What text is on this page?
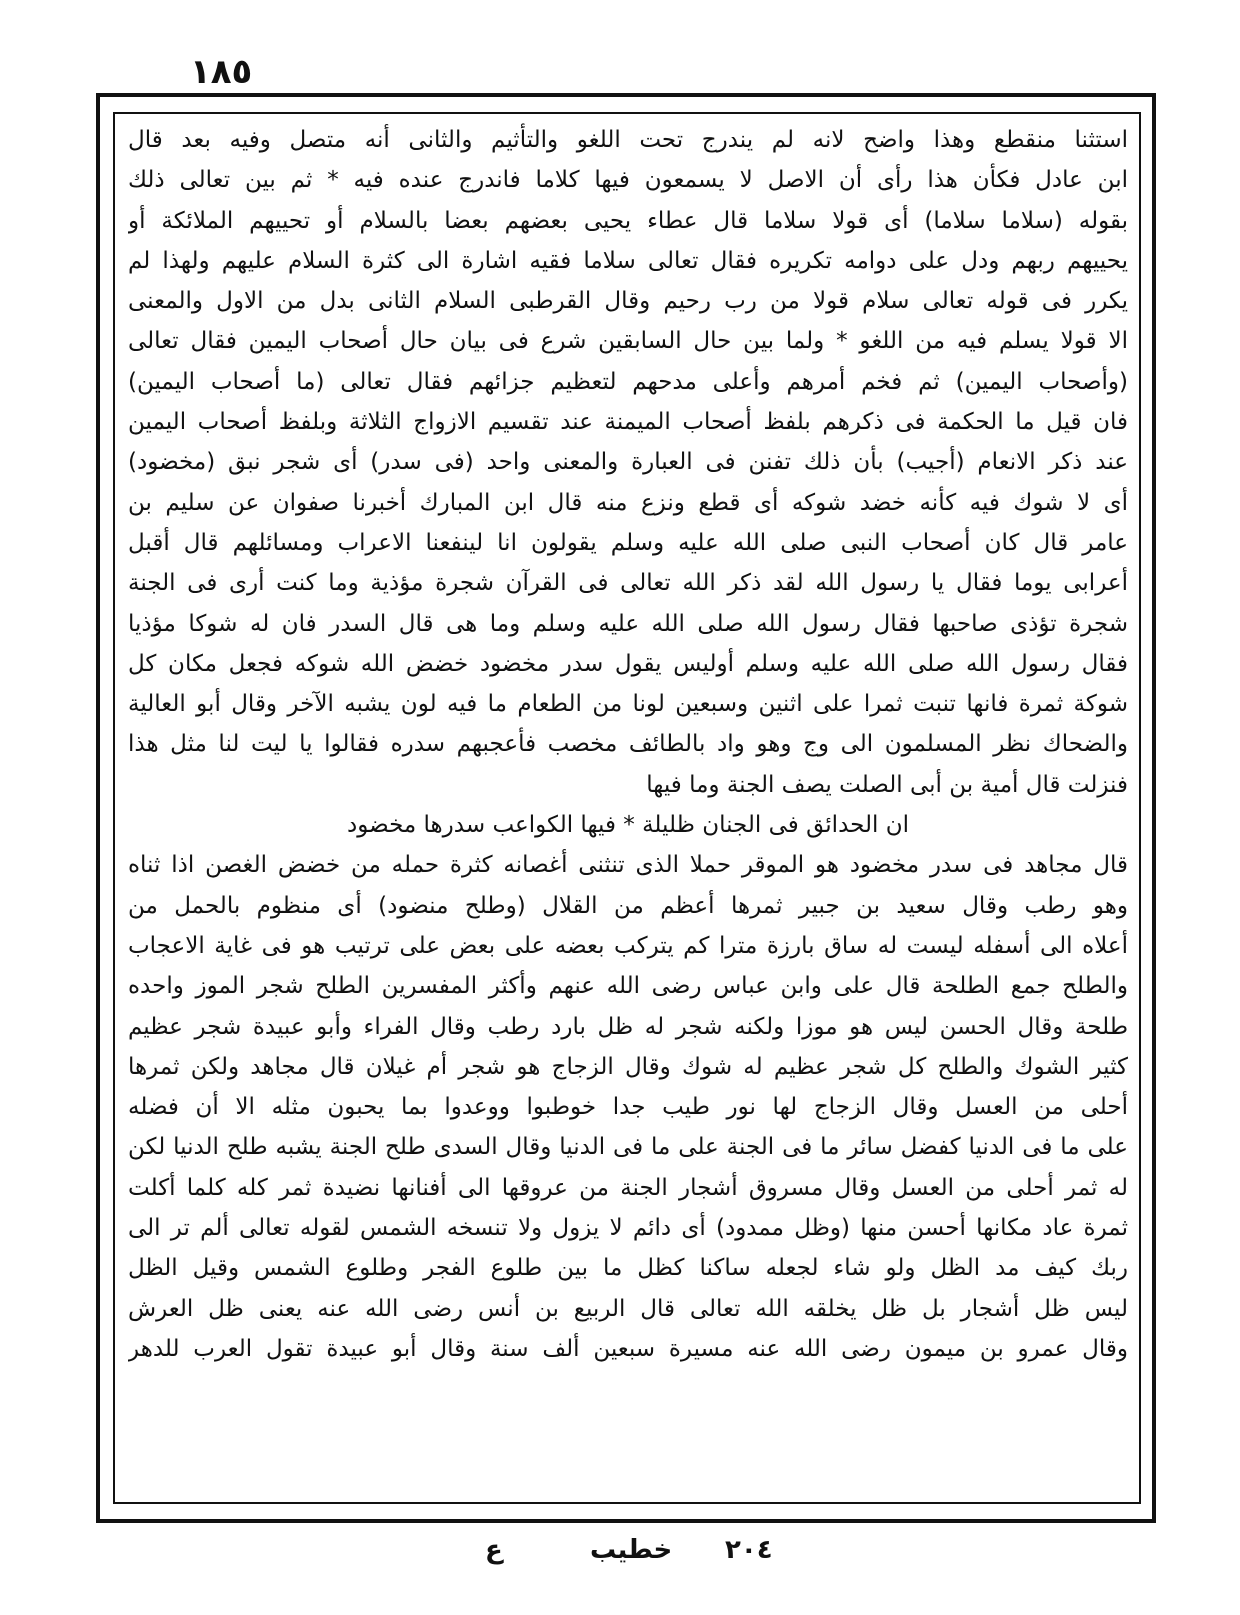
١٨٥
استثنا منقطع وهذا واضح لانه لم يندرج تحت اللغو والتأثيم والثانى أنه متصل وفيه بعد قال
ابن عادل فكأن هذا رأى أن الاصل لا يسمعون فيها كلاما فاندرج عنده فيه * ثم بين تعالى ذلك
بقوله (سلاما سلاما) أى قولا سلاما قال عطاء يحيى بعضهم بعضا بالسلام أو تحييهم الملائكة أو
يحييهم ربهم ودل على دوامه تكريره فقال تعالى سلاما فقيه اشارة الى كثرة السلام عليهم ولهذا لم
يكرر فى قوله تعالى سلام قولا من رب رحيم وقال القرطبى السلام الثانى بدل من الاول والمعنى
الا قولا يسلم فيه من اللغو * ولما بين حال السابقين شرع فى بيان حال أصحاب اليمين فقال تعالى
(وأصحاب اليمين) ثم فخم أمرهم وأعلى مدحهم لتعظيم جزائهم فقال تعالى (ما أصحاب اليمين)
فان قيل ما الحكمة فى ذكرهم بلفظ أصحاب الميمنة عند تقسيم الازواج الثلاثة وبلفظ أصحاب اليمين
عند ذكر الانعام (أجيب) بأن ذلك تفنن فى العبارة والمعنى واحد (فى سدر) أى شجر نبق (مخضود)
أى لا شوك فيه كأنه خضد شوكه أى قطع ونزع منه قال ابن المبارك أخبرنا صفوان عن سليم بن
عامر قال كان أصحاب النبى صلى الله عليه وسلم يقولون انا لينفعنا الاعراب ومسائلهم قال أقبل
أعرابى يوما فقال يا رسول الله لقد ذكر الله تعالى فى القرآن شجرة مؤذية وما كنت أرى فى الجنة
شجرة تؤذى صاحبها فقال رسول الله صلى الله عليه وسلم وما هى قال السدر فان له شوكا مؤذيا
فقال رسول الله صلى الله عليه وسلم أوليس يقول سدر مخضود خضض الله شوكه فجعل مكان كل
شوكة ثمرة فانها تنبت ثمرا على اثنين وسبعين لونا من الطعام ما فيه لون يشبه الآخر وقال أبو العالية
والضحاك نظر المسلمون الى وج وهو واد بالطائف مخصب فأعجبهم سدره فقالوا يا ليت لنا مثل هذا
فنزلت قال أمية بن أبى الصلت يصف الجنة وما فيها
ان الحدائق فى الجنان ظليلة * فيها الكواعب سدرها مخضود
قال مجاهد فى سدر مخضود هو الموقر حملا الذى تنثنى أغصانه كثرة حمله من خضض الغصن اذا ثناه
وهو رطب وقال سعيد بن جبير ثمرها أعظم من القلال (وطلح منضود) أى منظوم بالحمل من
أعلاه الى أسفله ليست له ساق بارزة مترا كم يتركب بعضه على بعض على ترتيب هو فى غاية الاعجاب
والطلح جمع الطلحة قال على وابن عباس رضى الله عنهم وأكثر المفسرين الطلح شجر الموز واحده
طلحة وقال الحسن ليس هو موزا ولكنه شجر له ظل بارد رطب وقال الفراء وأبو عبيدة شجر عظيم
كثير الشوك والطلح كل شجر عظيم له شوك وقال الزجاج هو شجر أم غيلان قال مجاهد ولكن ثمرها
أحلى من العسل وقال الزجاج لها نور طيب جدا خوطبوا ووعدوا بما يحبون مثله الا أن فضله
على ما فى الدنيا كفضل سائر ما فى الجنة على ما فى الدنيا وقال السدى طلح الجنة يشبه طلح الدنيا لكن
له ثمر أحلى من العسل وقال مسروق أشجار الجنة من عروقها الى أفنانها نضيدة ثمر كله كلما أكلت
ثمرة عاد مكانها أحسن منها (وظل ممدود) أى دائم لا يزول ولا تنسخه الشمس لقوله تعالى ألم تر الى
ربك كيف مد الظل ولو شاء لجعله ساكنا كظل ما بين طلوع الفجر وطلوع الشمس وقيل الظل
ليس ظل أشجار بل ظل يخلقه الله تعالى قال الربيع بن أنس رضى الله عنه يعنى ظل العرش
وقال عمرو بن ميمون رضى الله عنه مسيرة سبعين ألف سنة وقال أبو عبيدة تقول العرب للدهر
٢٠٤
خطيب
ع
